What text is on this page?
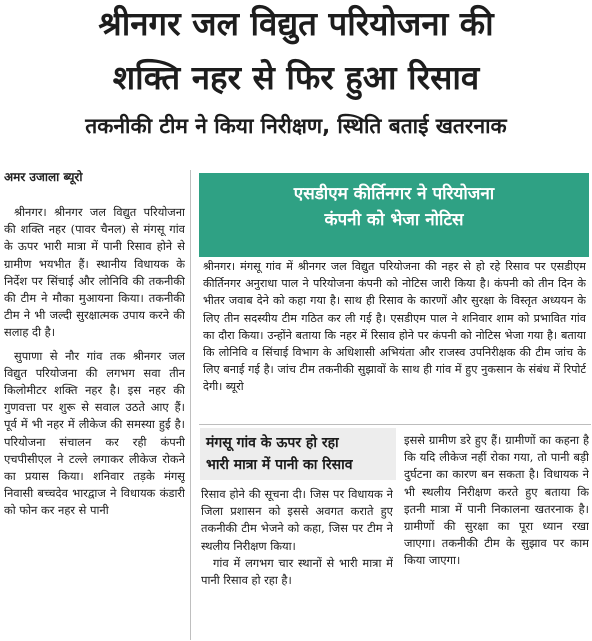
श्रीनगर जल विद्युत परियोजना की
शक्ति नहर से फिर हुआ रिसाव
तकनीकी टीम ने किया निरीक्षण, स्थिति बताई खतरनाक
अमर उजाला ब्यूरो

श्रीनगर। श्रीनगर जल विद्युत परियोजना की शक्ति नहर (पावर चैनल) से मंगसू गांव के ऊपर भारी मात्रा में पानी रिसाव होने से ग्रामीण भयभीत हैं। स्थानीय विधायक के निर्देश पर सिंचाई और लोनिवि की तकनीकी की टीम ने मौका मुआयना किया। तकनीकी टीम ने भी जल्दी सुरक्षात्मक उपाय करने की सलाह दी है।

सुपाणा से नौर गांव तक श्रीनगर जल विद्युत परियोजना की लगभग सवा तीन किलोमीटर शक्ति नहर है। इस नहर की गुणवत्ता पर शुरू से सवाल उठते आए हैं। पूर्व में भी नहर में लीकेज की समस्या हुई है। परियोजना संचालन कर रही कंपनी एचपीसीएल ने टल्ले लगाकर लीकेज रोकने का प्रयास किया। शनिवार तड़के मंगसू निवासी बच्चदेव भारद्वाज ने विधायक कंडारी को फोन कर नहर से पानी

एसडीएम कीर्तिनगर ने परियोजना
कंपनी को भेजा नोटिस
श्रीनगर। मंगसू गांव में श्रीनगर जल विद्युत परियोजना की नहर से हो रहे रिसाव पर एसडीएम कीर्तिनगर अनुराधा पाल ने परियोजना कंपनी को नोटिस जारी किया है। कंपनी को तीन दिन के भीतर जवाब देने को कहा गया है। साथ ही रिसाव के कारणों और सुरक्षा के विस्तृत अध्ययन के लिए तीन सदस्यीय टीम गठित कर ली गई है। एसडीएम पाल ने शनिवार शाम को प्रभावित गांव का दौरा किया। उन्होंने बताया कि नहर में रिसाव होने पर कंपनी को नोटिस भेजा गया है। बताया कि लोनिवि व सिंचाई विभाग के अधिशासी अभियंता और राजस्व उपनिरीक्षक की टीम जांच के लिए बनाई गई है। जांच टीम तकनीकी सुझावों के साथ ही गांव में हुए नुकसान के संबंध में रिपोर्ट देगी। ब्यूरो
मंगसू गांव के ऊपर हो रहा
भारी मात्रा में पानी का रिसाव

रिसाव होने की सूचना दी। जिस पर विधायक ने जिला प्रशासन को इससे अवगत कराते हुए तकनीकी टीम भेजने को कहा, जिस पर टीम ने स्थलीय निरीक्षण किया।

गांव में लगभग चार स्थानों से भारी मात्रा में पानी रिसाव हो रहा है।

इससे ग्रामीण डरे हुए हैं। ग्रामीणों का कहना है कि यदि लीकेज नहीं रोका गया, तो पानी बड़ी दुर्घटना का कारण बन सकता है। विधायक ने भी स्थलीय निरीक्षण करते हुए बताया कि इतनी मात्रा में पानी निकालना खतरनाक है। ग्रामीणों की सुरक्षा का पूरा ध्यान रखा जाएगा। तकनीकी टीम के सुझाव पर काम किया जाएगा।
